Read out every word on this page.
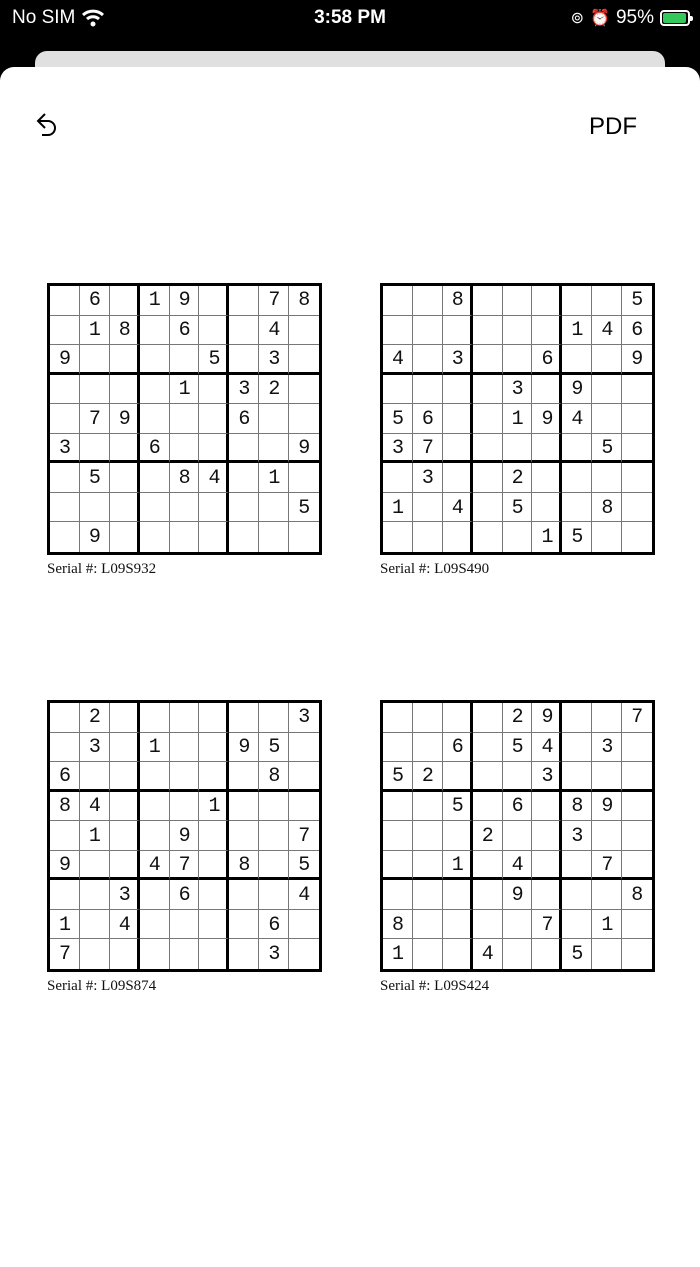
No SIM	3:58 PM	⊚ ⏰ 95%
PDF
6 19  78
18 6  4
9    5 3
1 32
79   6
3  6    9
5  84 1
5
9
Serial #: L09S932
8     5
146
4 3  6  9
3 9
56  194
37     5
3  2
1 4 5  8
15
Serial #: L09S490
2      3
3 1  95
6      8
84   1
1  9   7
9  47 8 5
3 6   4
1 4    6
7      3
Serial #: L09S874
29  7
6 54 3
52   3
5 6 89
2  3
1 4  7
9   8
8    7 1
1  4  5
Serial #: L09S424
